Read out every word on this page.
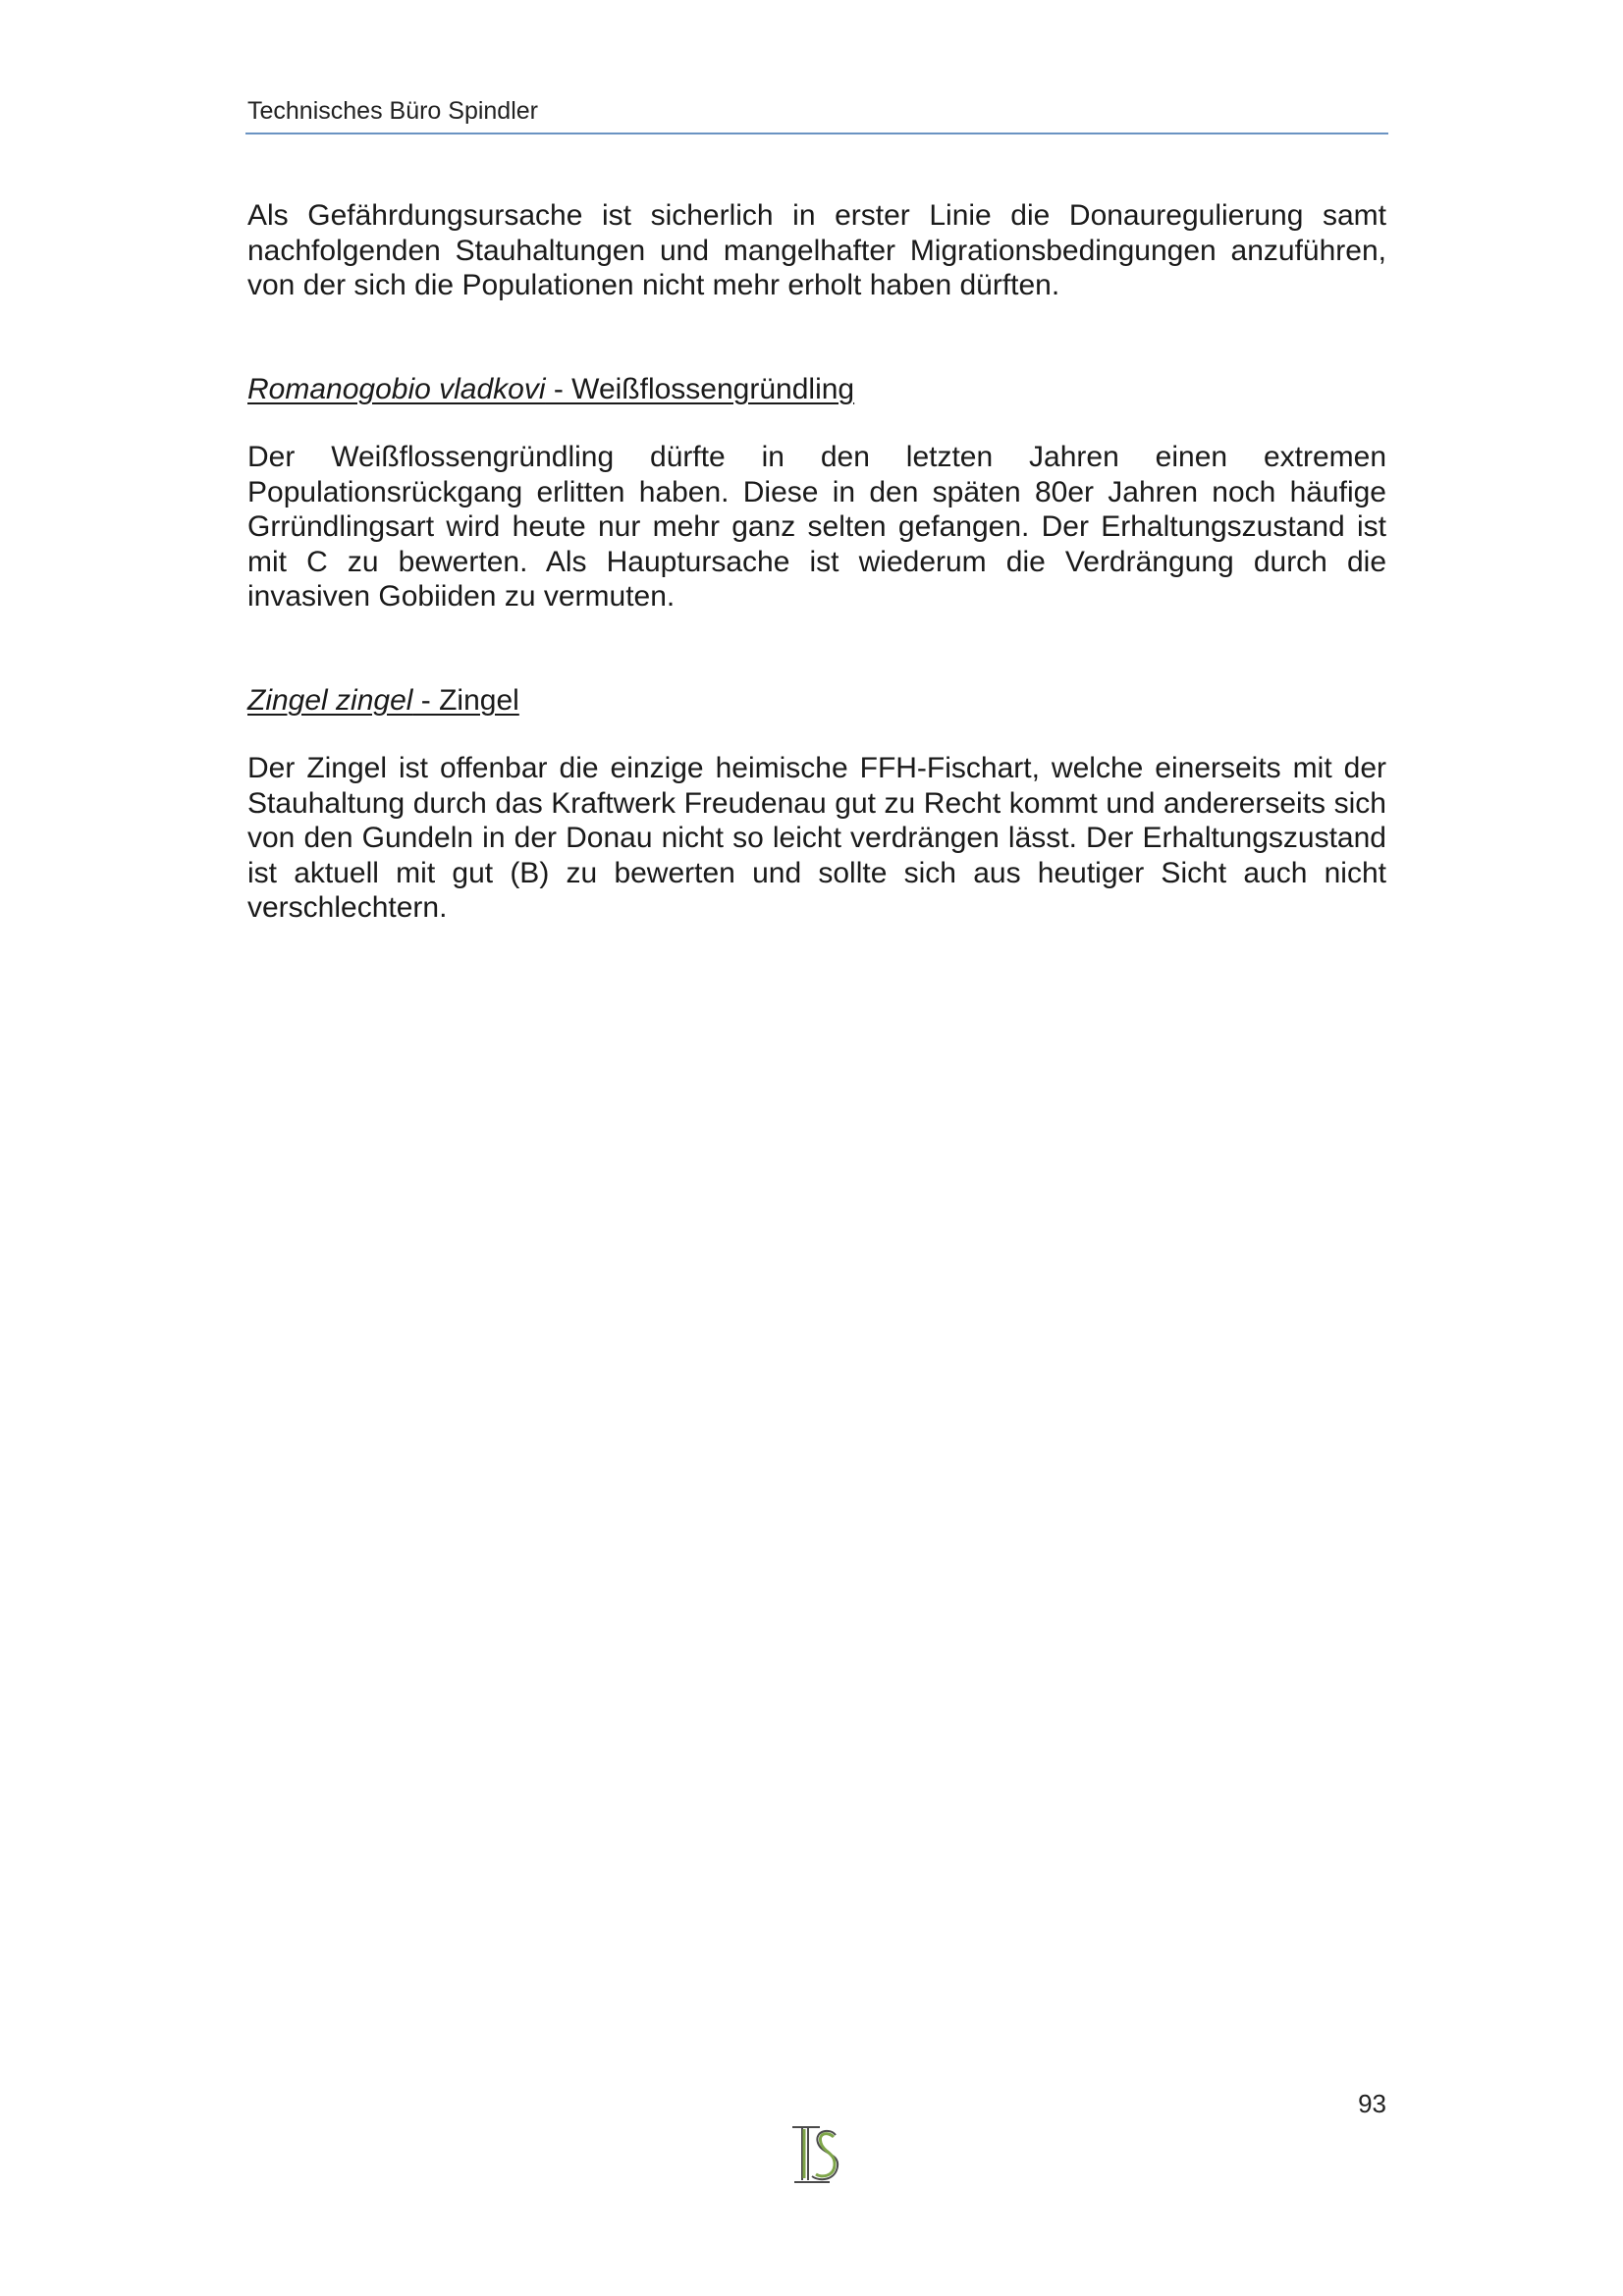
Technisches Büro Spindler

Als Gefährdungsursache ist sicherlich in erster Linie die Donauregulierung samt nachfolgenden Stauhaltungen und mangelhafter Migrationsbedingungen anzuführen, von der sich die Populationen nicht mehr erholt haben dürften.

Romanogobio vladkovi - Weißflossengründling

Der Weißflossengründling dürfte in den letzten Jahren einen extremen Populationsrückgang erlitten haben. Diese in den späten 80er Jahren noch häufige Grründlingsart wird heute nur mehr ganz selten gefangen. Der Erhaltungszustand ist mit C zu bewerten. Als Hauptursache ist wiederum die Verdrängung durch die invasiven Gobiiden zu vermuten.

Zingel zingel - Zingel

Der Zingel ist offenbar die einzige heimische FFH-Fischart, welche einerseits mit der Stauhaltung durch das Kraftwerk Freudenau gut zu Recht kommt und andererseits sich von den Gundeln in der Donau nicht so leicht verdrängen lässt. Der Erhaltungszustand ist aktuell mit gut (B) zu bewerten und sollte sich aus heutiger Sicht auch nicht verschlechtern.

93
